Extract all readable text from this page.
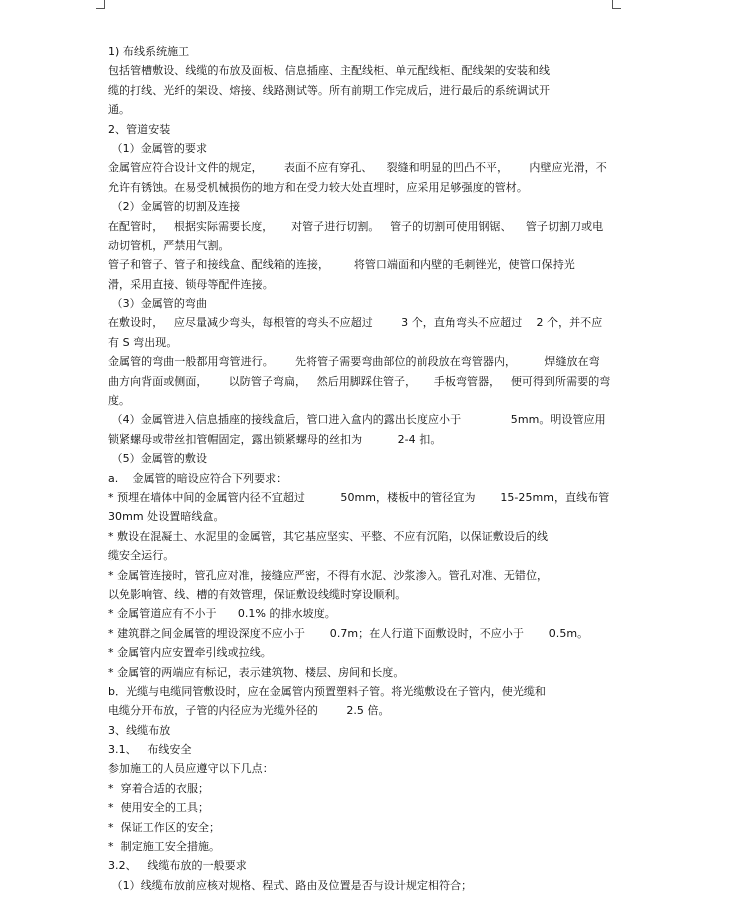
1) 布线系统施工
包括管槽敷设、线缆的布放及面板、信息插座、主配线柜、单元配线柜、配线架的安装和线
缆的打线、光纤的架设、熔接、线路测试等。所有前期工作完成后，进行最后的系统调试开
通。
2、管道安装
（1）金属管的要求
金属管应符合设计文件的规定，      表面不应有穿孔、    裂缝和明显的凹凸不平，      内壁应光滑，不
允许有锈蚀。在易受机械损伤的地方和在受力较大处直埋时，应采用足够强度的管材。
（2）金属管的切割及连接
在配管时，   根据实际需要长度，     对管子进行切割。   管子的切割可使用钢锯、    管子切割刀或电
动切管机，严禁用气割。
管子和管子、管子和接线盒、配线箱的连接，       将管口端面和内壁的毛刺锉光，使管口保持光
滑，采用直接、锁母等配件连接。
（3）金属管的弯曲
在敷设时，   应尽量减少弯头，每根管的弯头不应超过        3 个，直角弯头不应超过    2 个，并不应
有 S 弯出现。
金属管的弯曲一般都用弯管进行。      先将管子需要弯曲部位的前段放在弯管器内，        焊缝放在弯
曲方向背面或侧面，      以防管子弯扁，   然后用脚踩住管子，     手板弯管器，   便可得到所需要的弯
度。
（4）金属管进入信息插座的接线盒后，管口进入盒内的露出长度应小于              5mm。明设管应用
锁紧螺母或带丝扣管帽固定，露出锁紧螺母的丝扣为          2-4 扣。
（5）金属管的敷设
a.    金属管的暗设应符合下列要求：
* 预埋在墙体中间的金属管内径不宜超过          50mm，楼板中的管径宜为       15-25mm，直线布管
30mm 处设置暗线盒。
* 敷设在混凝土、水泥里的金属管，其它基应坚实、平整、不应有沉陷，以保证敷设后的线
缆安全运行。
* 金属管连接时，管孔应对准，接缝应严密，不得有水泥、沙浆渗入。管孔对准、无错位，
以免影响管、线、槽的有效管理，保证敷设线缆时穿设顺利。
* 金属管道应有不小于      0.1% 的排水坡度。
* 建筑群之间金属管的埋设深度不应小于       0.7m；在人行道下面敷设时，不应小于       0.5m。
* 金属管内应安置牵引线或拉线。
* 金属管的两端应有标记，表示建筑物、楼层、房间和长度。
b．光缆与电缆同管敷设时，应在金属管内预置塑料子管。将光缆敷设在子管内，使光缆和
电缆分开布放，子管的内径应为光缆外径的        2.5 倍。
3、线缆布放
3.1、   布线安全
参加施工的人员应遵守以下几点：
*  穿着合适的衣服；
*  使用安全的工具；
*  保证工作区的安全；
*  制定施工安全措施。
3.2、   线缆布放的一般要求
（1）线缆布放前应核对规格、程式、路由及位置是否与设计规定相符合；
